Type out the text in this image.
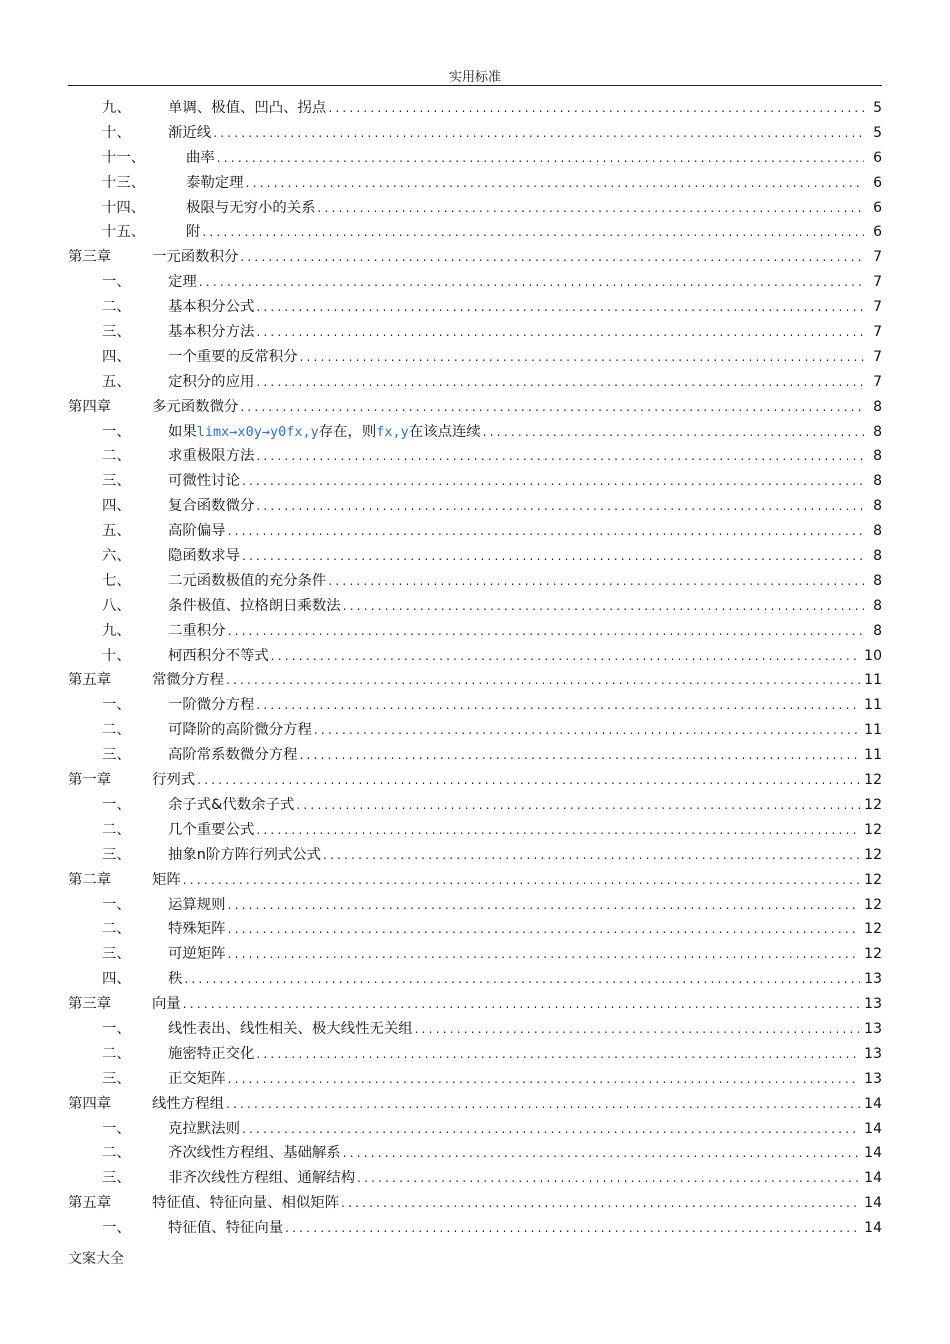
实用标准
九、	单调、极值、凹凸、拐点 .....	5
十、	渐近线 .....	5
十一、	曲率 .....	6
十三、	泰勒定理 .....	6
十四、	极限与无穷小的关系 .....	6
十五、	附 .....	6
第三章	一元函数积分 .....	7
一、	定理 .....	7
二、	基本积分公式 .....	7
三、	基本积分方法 .....	7
四、	一个重要的反常积分 .....	7
五、	定积分的应用 .....	7
第四章	多元函数微分 .....	8
一、	如果limx→x0y→y0fx,y存在，则fx,y在该点连续 .....	8
二、	求重极限方法 .....	8
三、	可微性讨论 .....	8
四、	复合函数微分 .....	8
五、	高阶偏导 .....	8
六、	隐函数求导 .....	8
七、	二元函数极值的充分条件 .....	8
八、	条件极值、拉格朗日乘数法 .....	8
九、	二重积分 .....	8
十、	柯西积分不等式 .....	10
第五章	常微分方程 .....	11
一、	一阶微分方程 .....	11
二、	可降阶的高阶微分方程 .....	11
三、	高阶常系数微分方程 .....	11
第一章	行列式 .....	12
一、	余子式&代数余子式 .....	12
二、	几个重要公式 .....	12
三、	抽象n阶方阵行列式公式 .....	12
第二章	矩阵 .....	12
一、	运算规则 .....	12
二、	特殊矩阵 .....	12
三、	可逆矩阵 .....	12
四、	秩 .....	13
第三章	向量 .....	13
一、	线性表出、线性相关、极大线性无关组 .....	13
二、	施密特正交化 .....	13
三、	正交矩阵 .....	13
第四章	线性方程组 .....	14
一、	克拉默法则 .....	14
二、	齐次线性方程组、基础解系 .....	14
三、	非齐次线性方程组、通解结构 .....	14
第五章	特征值、特征向量、相似矩阵 .....	14
一、	特征值、特征向量 .....	14
文案大全
